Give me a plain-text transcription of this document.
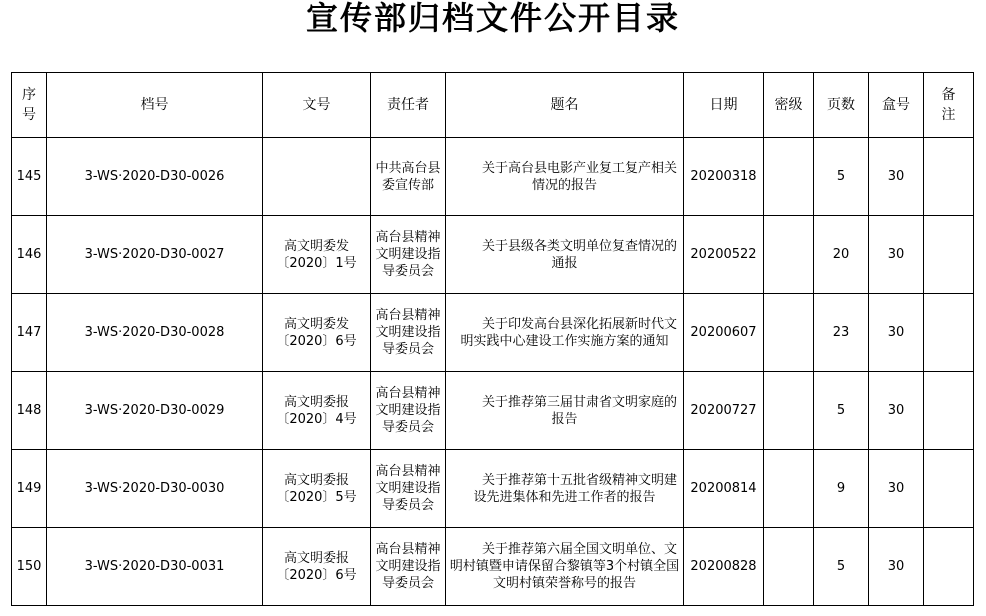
宣传部归档文件公开目录
序号	档号	文号	责任者	题名	日期	密级	页数	盒号	备注

145	3-WS·2020-D30-0026		中共高台县委宣传部	关于高台县电影产业复工复产相关情况的报告	20200318		5	30	
146	3-WS·2020-D30-0027	高文明委发
〔2020〕1号	高台县精神文明建设指导委员会	关于县级各类文明单位复查情况的通报	20200522		20	30	
147	3-WS·2020-D30-0028	高文明委发
〔2020〕6号	高台县精神文明建设指导委员会	关于印发高台县深化拓展新时代文明实践中心建设工作实施方案的通知	20200607		23	30	
148	3-WS·2020-D30-0029	高文明委报
〔2020〕4号	高台县精神文明建设指导委员会	关于推荐第三届甘肃省文明家庭的报告	20200727		5	30	
149	3-WS·2020-D30-0030	高文明委报
〔2020〕5号	高台县精神文明建设指导委员会	关于推荐第十五批省级精神文明建设先进集体和先进工作者的报告	20200814		9	30	
150	3-WS·2020-D30-0031	高文明委报
〔2020〕6号	高台县精神文明建设指导委员会	关于推荐第六届全国文明单位、文明村镇暨申请保留合黎镇等3个村镇全国文明村镇荣誉称号的报告	20200828		5	30	
